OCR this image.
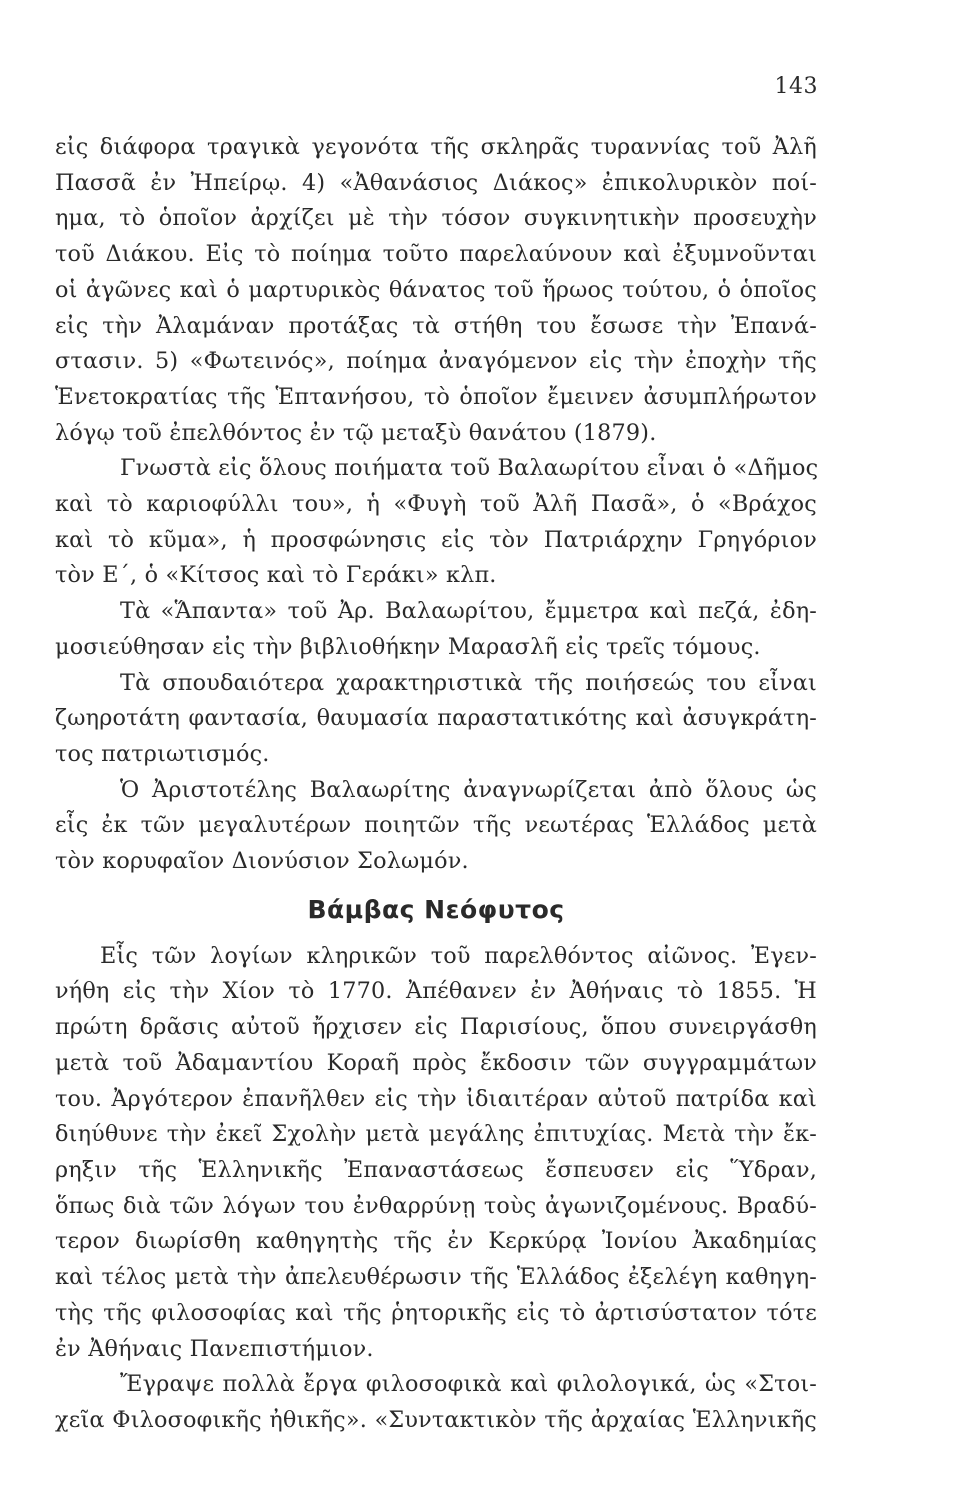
143
εἰς διάφορα τραγικὰ γεγονότα τῆς σκληρᾶς τυραννίας τοῦ Ἀλῆ
Πασσᾶ ἐν Ἠπείρῳ. 4) «Ἀθανάσιος Διάκος» ἐπικολυρικὸν ποί-
ημα, τὸ ὁποῖον ἀρχίζει μὲ τὴν τόσον συγκινητικὴν προσευχὴν
τοῦ Διάκου. Εἰς τὸ ποίημα τοῦτο παρελαύνουν καὶ ἐξυμνοῦνται
οἱ ἀγῶνες καὶ ὁ μαρτυρικὸς θάνατος τοῦ ἥρωος τούτου, ὁ ὁποῖος
εἰς τὴν Ἀλαμάναν προτάξας τὰ στήθη του ἔσωσε τὴν Ἐπανά-
στασιν. 5) «Φωτεινός», ποίημα ἀναγόμενον εἰς τὴν ἐποχὴν τῆς
Ἑνετοκρατίας τῆς Ἑπτανήσου, τὸ ὁποῖον ἔμεινεν ἀσυμπλήρωτον
λόγῳ τοῦ ἐπελθόντος ἐν τῷ μεταξὺ θανάτου (1879).
Γνωστὰ εἰς ὅλους ποιήματα τοῦ Βαλαωρίτου εἶναι ὁ «Δῆμος
καὶ τὸ καριοφύλλι του», ἡ «Φυγὴ τοῦ Ἀλῆ Πασᾶ», ὁ «Βράχος
καὶ τὸ κῦμα», ἡ προσφώνησις εἰς τὸν Πατριάρχην Γρηγόριον
τὸν Ε΄, ὁ «Κίτσος καὶ τὸ Γεράκι» κλπ.
Τὰ «Ἅπαντα» τοῦ Ἀρ. Βαλαωρίτου, ἔμμετρα καὶ πεζά, ἐδη-
μοσιεύθησαν εἰς τὴν βιβλιοθήκην Μαρασλῆ εἰς τρεῖς τόμους.
Τὰ σπουδαιότερα χαρακτηριστικὰ τῆς ποιήσεώς του εἶναι
ζωηροτάτη φαντασία, θαυμασία παραστατικότης καὶ ἀσυγκράτη-
τος πατριωτισμός.
Ὁ Ἀριστοτέλης Βαλαωρίτης ἀναγνωρίζεται ἀπὸ ὅλους ὡς
εἷς ἐκ τῶν μεγαλυτέρων ποιητῶν τῆς νεωτέρας Ἑλλάδος μετὰ
τὸν κορυφαῖον Διονύσιον Σολωμόν.
Βάμβας Νεόφυτος
Εἷς τῶν λογίων κληρικῶν τοῦ παρελθόντος αἰῶνος. Ἐγεν-
νήθη εἰς τὴν Χίον τὸ 1770. Ἀπέθανεν ἐν Ἀθήναις τὸ 1855. Ἡ
πρώτη δρᾶσις αὐτοῦ ἤρχισεν εἰς Παρισίους, ὅπου συνειργάσθη
μετὰ τοῦ Ἀδαμαντίου Κοραῆ πρὸς ἔκδοσιν τῶν συγγραμμάτων
του. Ἀργότερον ἐπανῆλθεν εἰς τὴν ἰδιαιτέραν αὐτοῦ πατρίδα καὶ
διηύθυνε τὴν ἐκεῖ Σχολὴν μετὰ μεγάλης ἐπιτυχίας. Μετὰ τὴν ἔκ-
ρηξιν τῆς Ἑλληνικῆς Ἐπαναστάσεως ἔσπευσεν εἰς Ὕδραν,
ὅπως διὰ τῶν λόγων του ἐνθαρρύνῃ τοὺς ἀγωνιζομένους. Βραδύ-
τερον διωρίσθη καθηγητὴς τῆς ἐν Κερκύρᾳ Ἰονίου Ἀκαδημίας
καὶ τέλος μετὰ τὴν ἀπελευθέρωσιν τῆς Ἑλλάδος ἐξελέγη καθηγη-
τὴς τῆς φιλοσοφίας καὶ τῆς ῥητορικῆς εἰς τὸ ἀρτισύστατον τότε
ἐν Ἀθήναις Πανεπιστήμιον.
Ἔγραψε πολλὰ ἔργα φιλοσοφικὰ καὶ φιλολογικά, ὡς «Στοι-
χεῖα Φιλοσοφικῆς ἠθικῆς». «Συντακτικὸν τῆς ἀρχαίας Ἑλληνικῆς
